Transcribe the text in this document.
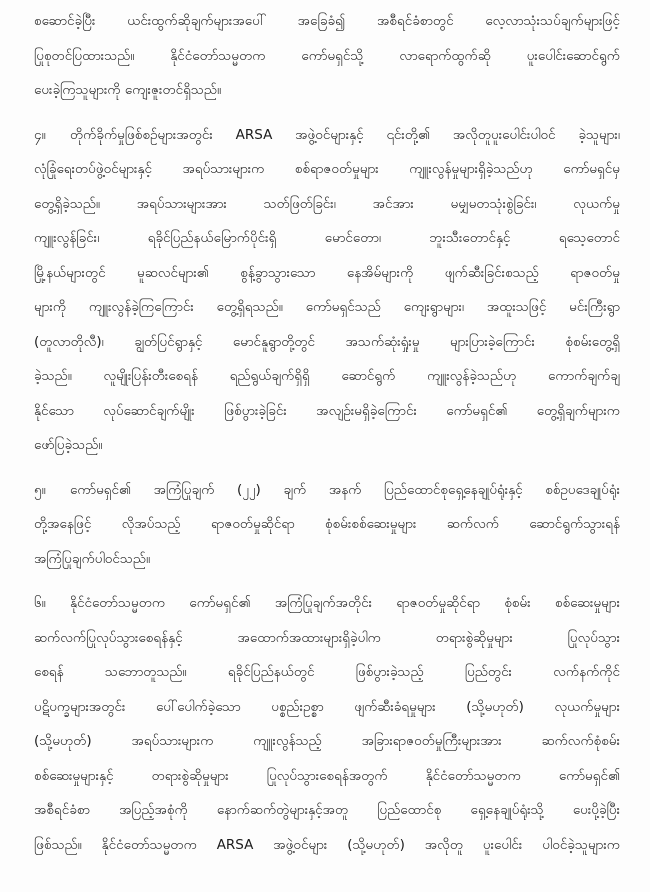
စဆောင်ခဲ့ပြီး ယင်းထွက်ဆိုချက်များအပေါ် အခြေခံ၍ အစီရင်ခံစာတွင် လေ့လာသုံးသပ်ချက်များဖြင့်
ပြုစုတင်ပြထားသည်။ နိုင်ငံတော်သမ္မတက ကော်မရှင်သို့ လာရောက်ထွက်ဆို ပူးပေါင်းဆောင်ရွက်
ပေးခဲ့ကြသူများကို ကျေးဇူးတင်ရှိသည်။
၄။ တိုက်ခိုက်မှုဖြစ်စဉ်များအတွင်း ARSA အဖွဲ့ဝင်များနှင့် ၎င်းတို့၏ အလိုတူပူးပေါင်းပါဝင် ခဲ့သူများ၊
လုံခြုံရေးတပ်ဖွဲ့ဝင်များနှင့် အရပ်သားများက စစ်ရာဇဝတ်မှုများ ကျူးလွန်မှုများရှိခဲ့သည်ဟု ကော်မရှင်မှ
တွေ့ရှိခဲ့သည်။ အရပ်သားများအား သတ်ဖြတ်ခြင်း၊ အင်အား မမျှမတသုံးစွဲခြင်း၊ လုယက်မှု
ကျူးလွန်ခြင်း၊ ရခိုင်ပြည်နယ်မြောက်ပိုင်းရှိ မောင်တော၊ ဘူးသီးတောင်နှင့် ရသေ့တောင်
မြို့နယ်များတွင် မူဆလင်များ၏ စွန့်ခွာသွားသော နေအိမ်များကို ဖျက်ဆီးခြင်းစသည့် ရာဇဝတ်မှု
များကို ကျူးလွန်ခဲ့ကြကြောင်း တွေ့ရှိရသည်။ ကော်မရှင်သည် ကျေးရွာများ၊ အထူးသဖြင့် မင်းကြီးရွာ
(တူလာတိုလီ)၊ ချွတ်ပြင်ရွာနှင့် မောင်နူရွာတို့တွင် အသက်ဆုံးရှုံးမှု များပြားခဲ့ကြောင်း စုံစမ်းတွေ့ရှိ
ခဲ့သည်။ လူမျိုးပြန်းတီးစေရန် ရည်ရွယ်ချက်ရှိရှိ ဆောင်ရွက် ကျူးလွန်ခဲ့သည်ဟု ကောက်ချက်ချ
နိုင်သော လုပ်ဆောင်ချက်မျိုး ဖြစ်ပွားခဲ့ခြင်း အလျဉ်းမရှိခဲ့ကြောင်း ကော်မရှင်၏ တွေ့ရှိချက်များက
ဖော်ပြခဲ့သည်။
၅။ ကော်မရှင်၏ အကြံပြုချက် (၂၂) ချက် အနက် ပြည်ထောင်စုရှေ့နေချုပ်ရုံးနှင့် စစ်ဥပဒေချုပ်ရုံး
တို့အနေဖြင့် လိုအပ်သည့် ရာဇဝတ်မှုဆိုင်ရာ စုံစမ်းစစ်ဆေးမှုများ ဆက်လက် ဆောင်ရွက်သွားရန်
အကြံပြုချက်ပါဝင်သည်။
၆။ နိုင်ငံတော်သမ္မတက ကော်မရှင်၏ အကြံပြုချက်အတိုင်း ရာဇဝတ်မှုဆိုင်ရာ စုံစမ်း စစ်ဆေးမှုများ
ဆက်လက်ပြုလုပ်သွားစေရန်နှင့် အထောက်အထားများရှိခဲ့ပါက တရားစွဲဆိုမှုများ ပြုလုပ်သွား
စေရန် သဘောတူသည်။ ရခိုင်ပြည်နယ်တွင် ဖြစ်ပွားခဲ့သည့် ပြည်တွင်း လက်နက်ကိုင်
ပဋိပက္ခများအတွင်း ပေါ်ပေါက်ခဲ့သော ပစ္စည်းဥစ္စာ ဖျက်ဆီးခံရမှုများ (သို့မဟုတ်) လုယက်မှုများ
(သို့မဟုတ်) အရပ်သားများက ကျူးလွန်သည့် အခြားရာဇဝတ်မှုကြီးများအား ဆက်လက်စုံစမ်း
စစ်ဆေးမှုများနှင့် တရားစွဲဆိုမှုများ ပြုလုပ်သွားစေရန်အတွက် နိုင်ငံတော်သမ္မတက ကော်မရှင်၏
အစီရင်ခံစာ အပြည့်အစုံကို နောက်ဆက်တွဲများနှင့်အတူ ပြည်ထောင်စု ရှေ့နေချုပ်ရုံးသို့ ပေးပို့ခဲ့ပြီး
ဖြစ်သည်။ နိုင်ငံတော်သမ္မတက ARSA အဖွဲ့ဝင်များ (သို့မဟုတ်) အလိုတူ ပူးပေါင်း ပါဝင်ခဲ့သူများက
